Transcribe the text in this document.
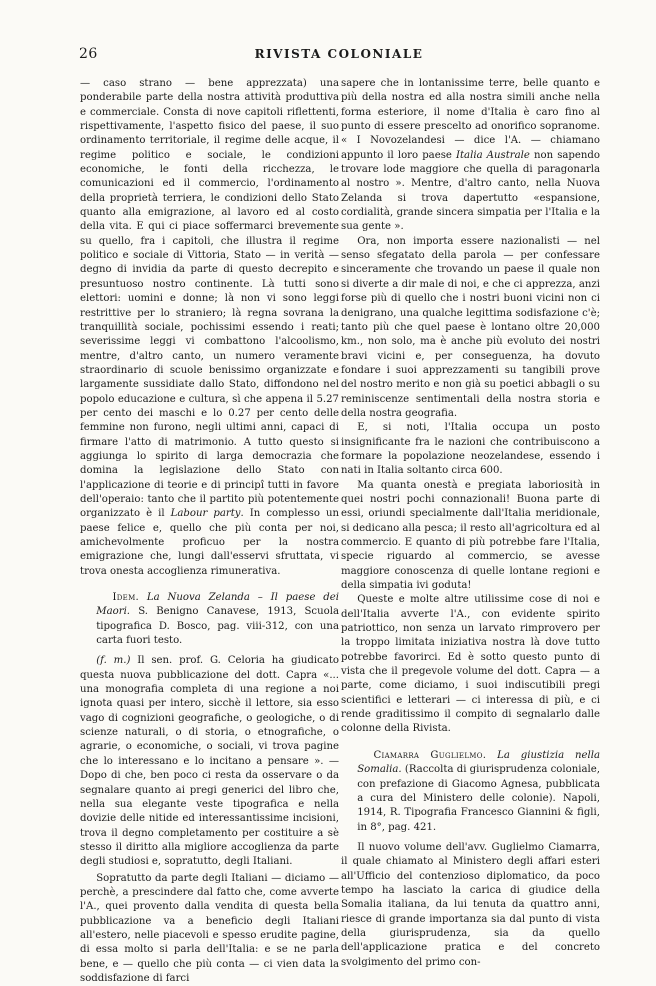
26	RIVISTA COLONIALE

— caso strano — bene apprezzata) una ponderabile parte della nostra attività produttiva e commerciale. Consta di nove capitoli riflettenti, rispettivamente, l'aspetto fisico del paese, il suo ordinamento territoriale, il regime delle acque, il regime politico e sociale, le condizioni economiche, le fonti della ricchezza, le comunicazioni ed il commercio, l'ordinamento della proprietà terriera, le condizioni dello Stato quanto alla emigrazione, al lavoro ed al costo della vita. E qui ci piace soffermarci brevemente su quello, fra i capitoli, che illustra il regime politico e sociale di Vittoria, Stato — in verità — degno di invidia da parte di questo decrepito e presuntuoso nostro continente. Là tutti sono elettori: uomini e donne; là non vi sono leggi restrittive per lo straniero; là regna sovrana la tranquillità sociale, pochissimi essendo i reati; severissime leggi vi combattono l'alcoolismo, mentre, d'altro canto, un numero veramente straordinario di scuole benissimo organizzate e largamente sussidiate dallo Stato, diffondono nel popolo educazione e cultura, sì che appena il 5.27 per cento dei maschi e lo 0.27 per cento delle femmine non furono, negli ultimi anni, capaci di firmare l'atto di matrimonio. A tutto questo si aggiunga lo spirito di larga democrazia che domina la legislazione dello Stato con l'applicazione di teorie e di principî tutti in favore dell'operaio: tanto che il partito più potentemente organizzato è il Labour party. In complesso un paese felice e, quello che più conta per noi, amichevolmente proficuo per la nostra emigrazione che, lungi dall'esservi sfruttata, vi trova onesta accoglienza rimunerativa.

Idem. La Nuova Zelanda – Il paese dei Maori. S. Benigno Canavese, 1913, Scuola tipografica D. Bosco, pag. viii-312, con una carta fuori testo.

(f. m.) Il sen. prof. G. Celoria ha giudicato questa nuova pubblicazione del dott. Capra «... una monografia completa di una regione a noi ignota quasi per intero, sicchè il lettore, sia esso vago di cognizioni geografiche, o geologiche, o di scienze naturali, o di storia, o etnografiche, o agrarie, o economiche, o sociali, vi trova pagine che lo interessano e lo incitano a pensare ». — Dopo di che, ben poco ci resta da osservare o da segnalare quanto ai pregi generici del libro che, nella sua elegante veste tipografica e nella dovizie delle nitide ed interessantissime incisioni, trova il degno completamento per costituire a sè stesso il diritto alla migliore accoglienza da parte degli studiosi e, sopratutto, degli Italiani.

Sopratutto da parte degli Italiani — diciamo — perchè, a prescindere dal fatto che, come avverte l'A., quei provento dalla vendita di questa bella pubblicazione va a beneficio degli Italiani all'estero, nelle piacevoli e spesso erudite pagine, di essa molto si parla dell'Italia: e se ne parla bene, e — quello che più conta — ci vien data la soddisfazione di farci

sapere che in lontanissime terre, belle quanto e più della nostra ed alla nostra simili anche nella forma esteriore, il nome d'Italia è caro fino al punto di essere prescelto ad onorifico sopranome. « I Novozelandesi — dice l'A. — chiamano appunto il loro paese Italia Australe non sapendo trovare lode maggiore che quella di paragonarla al nostro ». Mentre, d'altro canto, nella Nuova Zelanda si trova dapertutto «espansione, cordialità, grande sincera simpatia per l'Italia e la sua gente ».

Ora, non importa essere nazionalisti — nel senso sfegatato della parola — per confessare sinceramente che trovando un paese il quale non si diverte a dir male di noi, e che ci apprezza, anzi forse più di quello che i nostri buoni vicini non ci denigrano, una qualche legittima sodisfazione c'è; tanto più che quel paese è lontano oltre 20,000 km., non solo, ma è anche più evoluto dei nostri bravi vicini e, per conseguenza, ha dovuto fondare i suoi apprezzamenti su tangibili prove del nostro merito e non già su poetici abbagli o su reminiscenze sentimentali della nostra storia e della nostra geografia.

E, si noti, l'Italia occupa un posto insignificante fra le nazioni che contribuiscono a formare la popolazione neozelandese, essendo i nati in Italia soltanto circa 600.

Ma quanta onestà e pregiata laboriosità in quei nostri pochi connazionali! Buona parte di essi, oriundi specialmente dall'Italia meridionale, si dedicano alla pesca; il resto all'agricoltura ed al commercio. E quanto di più potrebbe fare l'Italia, specie riguardo al commercio, se avesse maggiore conoscenza di quelle lontane regioni e della simpatia ivi goduta!

Queste e molte altre utilissime cose di noi e dell'Italia avverte l'A., con evidente spirito patriottico, non senza un larvato rimprovero per la troppo limitata iniziativa nostra là dove tutto potrebbe favorirci. Ed è sotto questo punto di vista che il pregevole volume del dott. Capra — a parte, come diciamo, i suoi indiscutibili pregi scientifici e letterari — ci interessa di più, e ci rende graditissimo il compito di segnalarlo dalle colonne della Rivista.

Ciamarra Guglielmo. La giustizia nella Somalia. (Raccolta di giurisprudenza coloniale, con prefazione di Giacomo Agnesa, pubblicata a cura del Ministero delle colonie). Napoli, 1914, R. Tipografia Francesco Giannini & figli, in 8°, pag. 421.

Il nuovo volume dell'avv. Guglielmo Ciamarra, il quale chiamato al Ministero degli affari esteri all'Ufficio del contenzioso diplomatico, da poco tempo ha lasciato la carica di giudice della Somalia italiana, da lui tenuta da quattro anni, riesce di grande importanza sia dal punto di vista della giurisprudenza, sia da quello dell'applicazione pratica e del concreto svolgimento del primo con-
